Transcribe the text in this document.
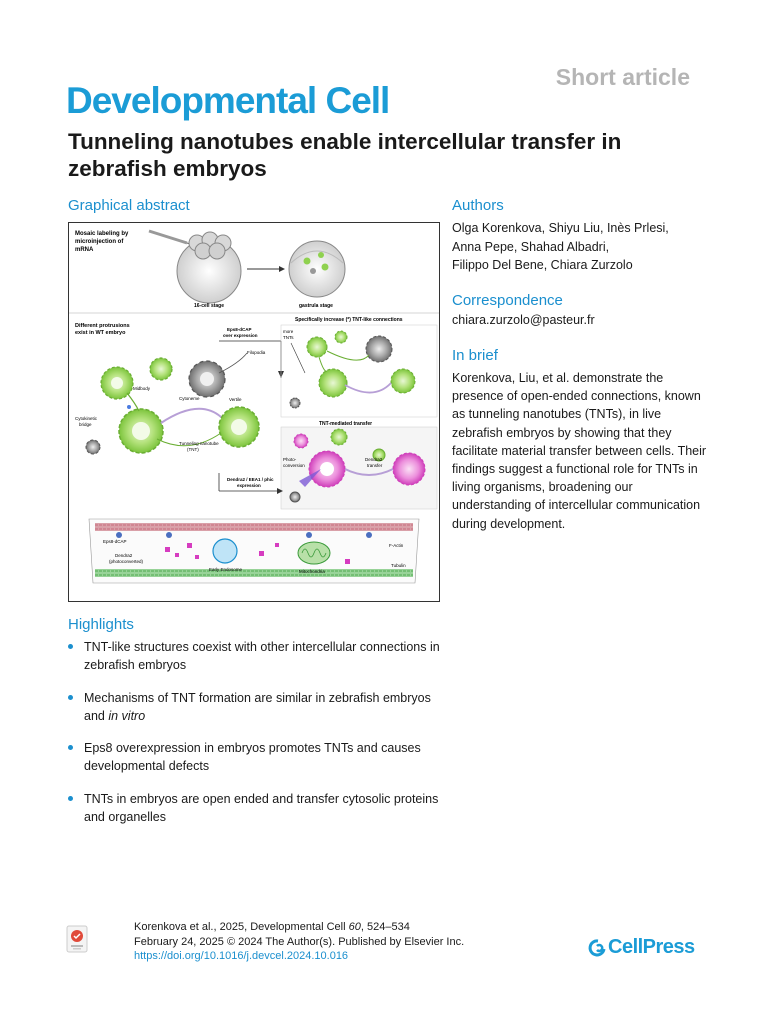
Short article
Developmental Cell
Tunneling nanotubes enable intercellular transfer in zebrafish embryos
Graphical abstract
Mosaic labeling by
microinjection of
mRNA
16-cell stage	gastrula stage
Different protrusions
exist in WT embryo
Eps8-dCAP
over expression
Filopodia
Midbody
Cytoneme	Vertile
Cytokinetic
bridge
Tunneling nanotube
(TNT)
Specifically increase (*) TNT-like connections
more
TNTs
TNT-mediated transfer
Photo-
conversion
Dendra2
transfer
Dendra2 / EEA1 / phic
expression
Eps8-dCAP
Dendra2
(photoconverted)
Early Endosome	Mitochondria
F-Actin
Tubulin
Authors
Olga Korenkova, Shiyu Liu, Inès Prlesi,
Anna Pepe, Shahad Albadri,
Filippo Del Bene, Chiara Zurzolo
Correspondence
chiara.zurzolo@pasteur.fr
In brief
Korenkova, Liu, et al. demonstrate the presence of open-ended connections, known as tunneling nanotubes (TNTs), in live zebrafish embryos by showing that they facilitate material transfer between cells. Their findings suggest a functional role for TNTs in living organisms, broadening our understanding of intercellular communication during development.
Highlights
TNT-like structures coexist with other intercellular connections in zebrafish embryos
Mechanisms of TNT formation are similar in zebrafish embryos and in vitro
Eps8 overexpression in embryos promotes TNTs and causes developmental defects
TNTs in embryos are open ended and transfer cytosolic proteins and organelles
Korenkova et al., 2025, Developmental Cell 60, 524–534
February 24, 2025 © 2024 The Author(s). Published by Elsevier Inc.
https://doi.org/10.1016/j.devcel.2024.10.016	CellPress
